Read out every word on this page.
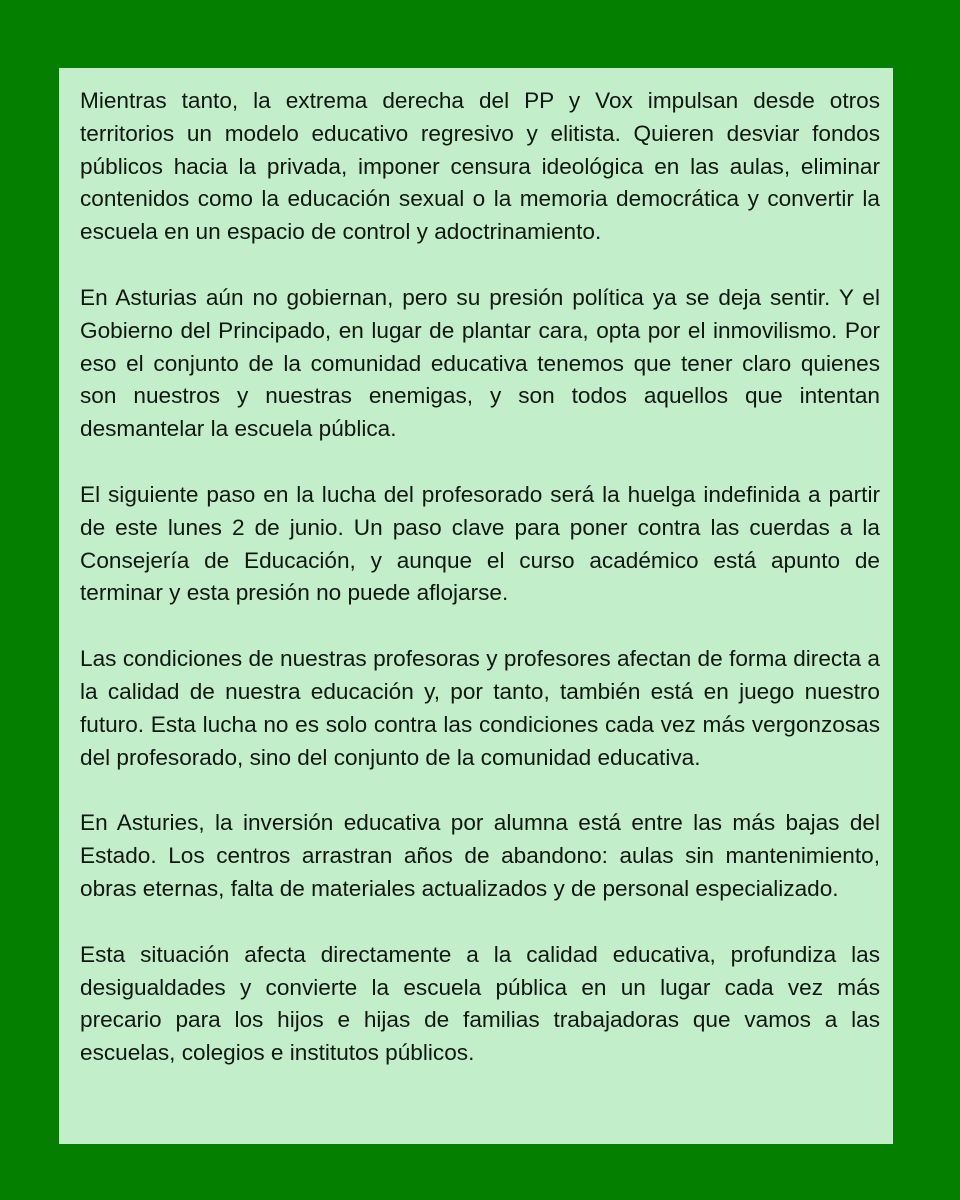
Mientras tanto, la extrema derecha del PP y Vox impulsan desde otros territorios un modelo educativo regresivo y elitista. Quieren desviar fondos públicos hacia la privada, imponer censura ideológica en las aulas, eliminar contenidos como la educación sexual o la memoria democrática y convertir la escuela en un espacio de control y adoctrinamiento.

En Asturias aún no gobiernan, pero su presión política ya se deja sentir. Y el Gobierno del Principado, en lugar de plantar cara, opta por el inmovilismo. Por eso el conjunto de la comunidad educativa tenemos que tener claro quienes son nuestros y nuestras enemigas, y son todos aquellos que intentan desmantelar la escuela pública.

El siguiente paso en la lucha del profesorado será la huelga indefinida a partir de este lunes 2 de junio. Un paso clave para poner contra las cuerdas a la Consejería de Educación, y aunque el curso académico está apunto de terminar y esta presión no puede aflojarse.

Las condiciones de nuestras profesoras y profesores afectan de forma directa a la calidad de nuestra educación y, por tanto, también está en juego nuestro futuro. Esta lucha no es solo contra las condiciones cada vez más vergonzosas del profesorado, sino del conjunto de la comunidad educativa.

En Asturies, la inversión educativa por alumna está entre las más bajas del Estado. Los centros arrastran años de abandono: aulas sin mantenimiento, obras eternas, falta de materiales actualizados y de personal especializado.

Esta situación afecta directamente a la calidad educativa, profundiza las desigualdades y convierte la escuela pública en un lugar cada vez más precario para los hijos e hijas de familias trabajadoras que vamos a las escuelas, colegios e institutos públicos.
